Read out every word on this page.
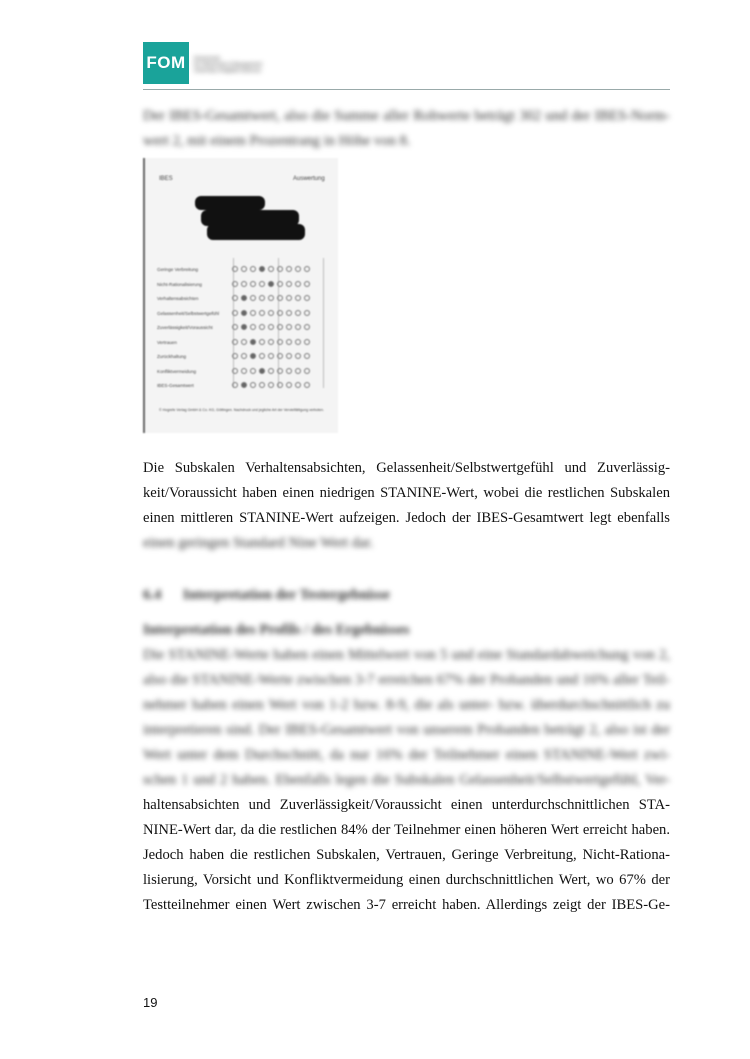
FOM	Hochschule
für Oekonomie & Management
University of Applied Sciences
Der IBES-Gesamtwert, also die Summe aller Rohwerte beträgt 302 und der IBES-Norm-
wert 2, mit einem Prozentrang in Höhe von 8.
IBES	Auswertung
Geringe Verbreitung
Nicht-Rationalisierung
Verhaltensabsichten
Gelassenheit/Selbstwertgefühl
Zuverlässigkeit/Voraussicht
Vertrauen
Zurückhaltung
Konfliktvermeidung
IBES-Gesamtwert
© Hogrefe Verlag GmbH & Co. KG, Göttingen. Nachdruck und jegliche Art der Vervielfältigung verboten.
Die Subskalen Verhaltensabsichten, Gelassenheit/Selbstwertgefühl und Zuverlässig-
keit/Voraussicht haben einen niedrigen STANINE-Wert, wobei die restlichen Subskalen
einen mittleren STANINE-Wert aufzeigen. Jedoch der IBES-Gesamtwert legt ebenfalls
einen geringen Standard Nine Wert dar.
6.4 Interpretation der Testergebnisse
Interpretation des Profils / des Ergebnisses
Die STANINE-Werte haben einen Mittelwert von 5 und eine Standardabweichung von 2,
also die STANINE-Werte zwischen 3-7 erreichen 67% der Probanden und 16% aller Teil-
nehmer haben einen Wert von 1-2 bzw. 8-9, die als unter- bzw. überdurchschnittlich zu
interpretieren sind. Der IBES-Gesamtwert von unserem Probanden beträgt 2, also ist der
Wert unter dem Durchschnitt, da nur 16% der Teilnehmer einen STANINE-Wert zwi-
schen 1 und 2 haben. Ebenfalls legen die Subskalen Gelassenheit/Selbstwertgefühl, Ver-
haltensabsichten und Zuverlässigkeit/Voraussicht einen unterdurchschnittlichen STA-
NINE-Wert dar, da die restlichen 84% der Teilnehmer einen höheren Wert erreicht haben.
Jedoch haben die restlichen Subskalen, Vertrauen, Geringe Verbreitung, Nicht-Rationa-
lisierung, Vorsicht und Konfliktvermeidung einen durchschnittlichen Wert, wo 67% der
Testteilnehmer einen Wert zwischen 3-7 erreicht haben. Allerdings zeigt der IBES-Ge-
19
